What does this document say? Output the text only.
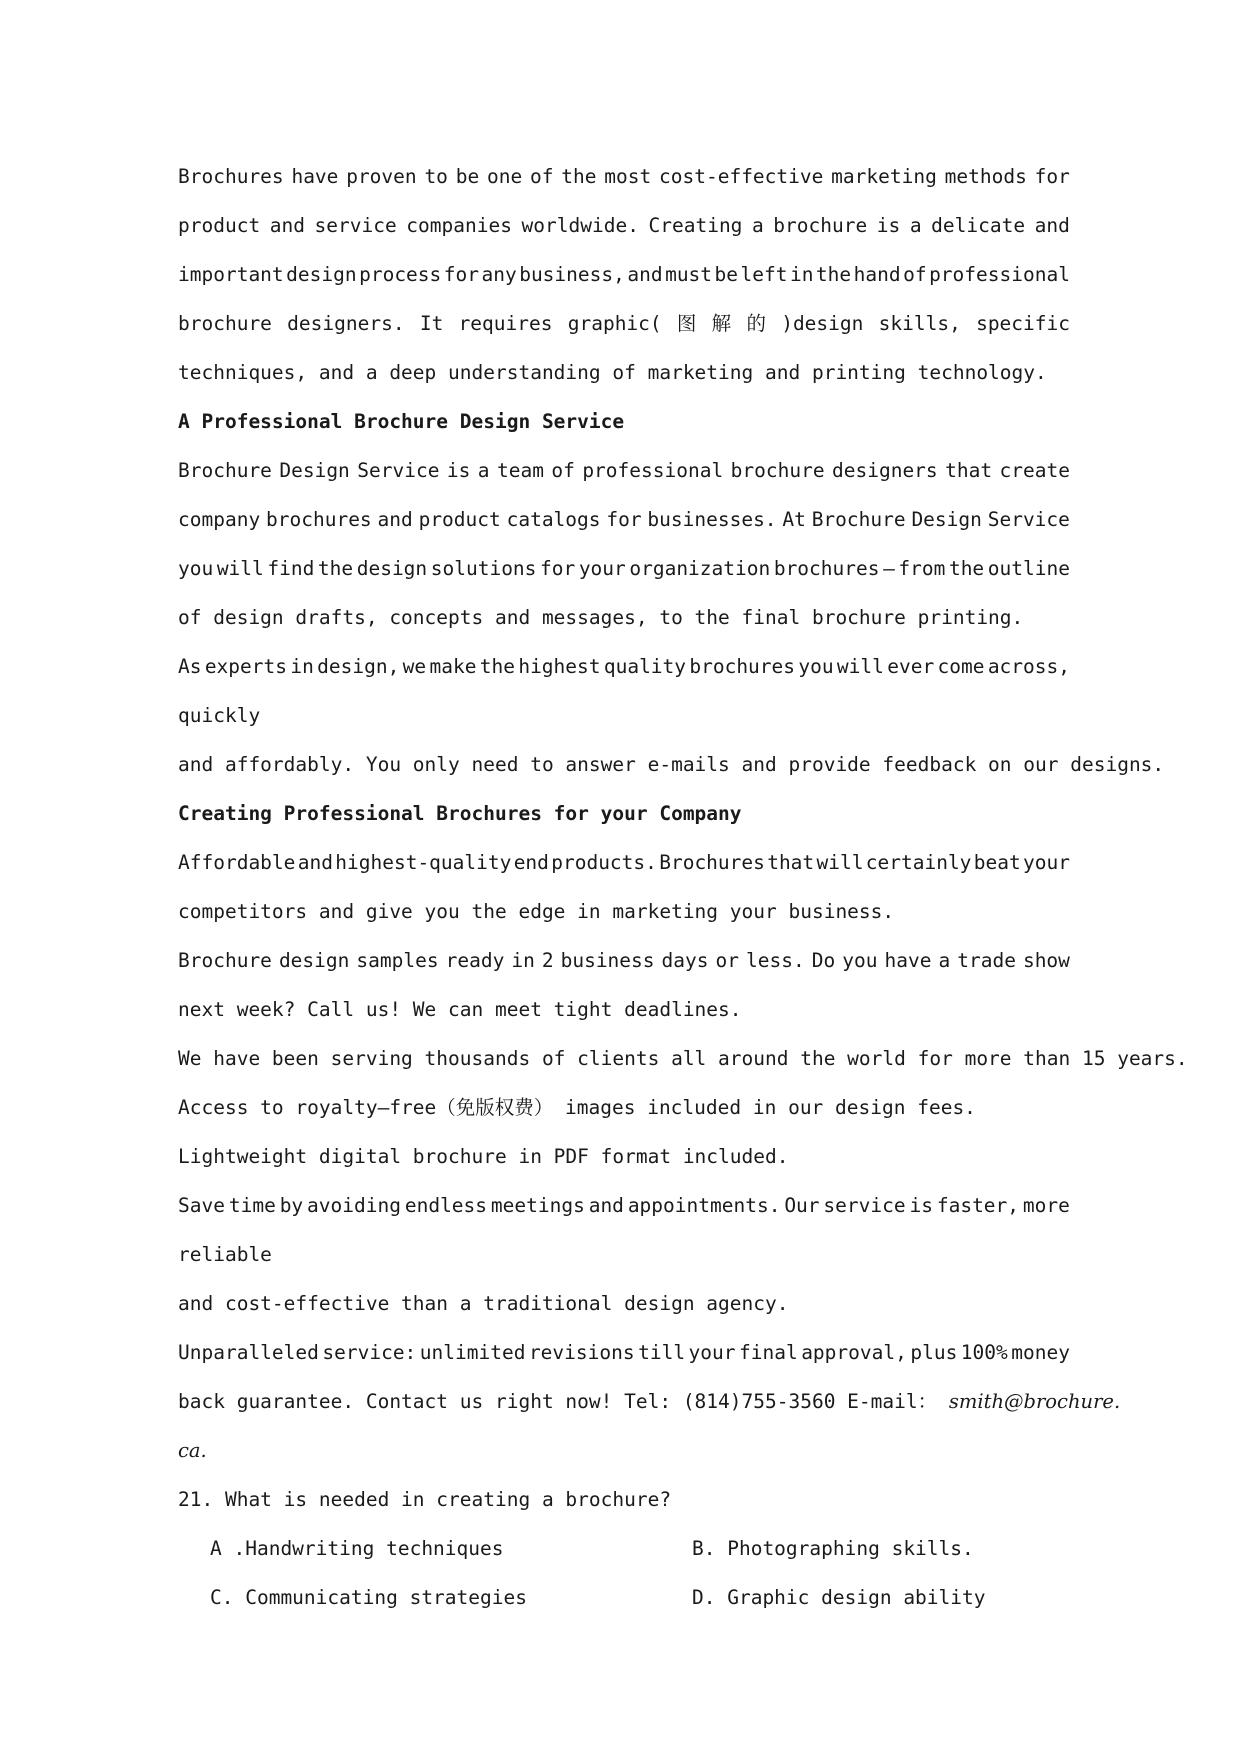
Brochures have proven to be one of the most cost-effective marketing methods for
product and service companies worldwide. Creating a brochure is a delicate and
important design process for any business, and must be left in the hand of professional
brochure designers. It requires graphic( 图 解 的 )design skills, specific
techniques, and a deep understanding of marketing and printing technology.
A Professional Brochure Design Service
Brochure Design Service is a team of professional brochure designers that create
company brochures and product catalogs for businesses. At Brochure Design Service
you will find the design solutions for your organization brochures – from the outline
of design drafts, concepts and messages, to the final brochure printing.
As experts in design, we make the highest quality brochures you will ever come across,
quickly
and affordably. You only need to answer e-mails and provide feedback on our designs.
Creating Professional Brochures for your Company
Affordable and highest-quality end products. Brochures that will certainly beat your
competitors and give you the edge in marketing your business.
Brochure design samples ready in 2 business days or less. Do you have a trade show
next week? Call us! We can meet tight deadlines.
We have been serving thousands of clients all around the world for more than 15 years.
Access to royalty—free（免版权费） images included in our design fees.
Lightweight digital brochure in PDF format included.
Save time by avoiding endless meetings and appointments. Our service is faster, more
reliable
and cost-effective than a traditional design agency.
Unparalleled service: unlimited revisions till your final approval, plus 100% money
back guarantee. Contact us right now! Tel: (814)755-3560 E-mail： smith@brochure.
ca.
21. What is needed in creating a brochure?
A .Handwriting techniques	B. Photographing skills.
C. Communicating strategies	D. Graphic design ability
